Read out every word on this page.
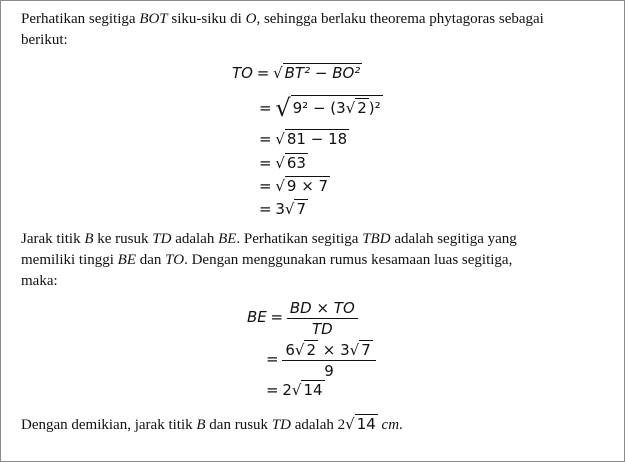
Perhatikan segitiga BOT siku-siku di O, sehingga berlaku theorema phytagoras sebagai
berikut:
TO = √ BT² − BO²
= √ 9² − (3√ 2 )²
= √ 81 − 18
= √ 63
= √ 9 × 7
= 3√ 7
Jarak titik B ke rusuk TD adalah BE. Perhatikan segitiga TBD adalah segitiga yang
memiliki tinggi BE dan TO. Dengan menggunakan rumus kesamaan luas segitiga,
maka:
BE = $\frac{BD \times TO}{TD}$
= $\frac{6√ 2 \times 3√ 7}{9}$
= 2√ 14
Dengan demikian, jarak titik B dan rusuk TD adalah 2√ 14 cm.
